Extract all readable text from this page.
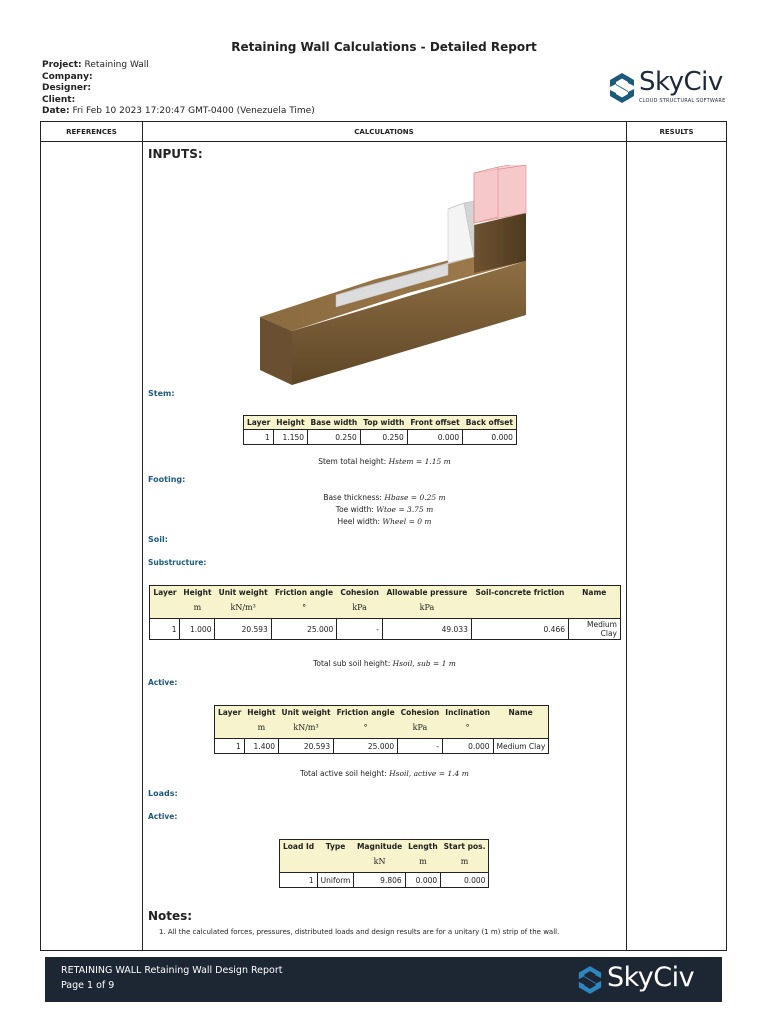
Retaining Wall Calculations - Detailed Report
Project: Retaining Wall
Company:
Designer:
Client:
Date: Fri Feb 10 2023 17:20:47 GMT-0400 (Venezuela Time)
SkyCiv
CLOUD STRUCTURAL SOFTWARE
REFERENCES	CALCULATIONS	RESULTS
INPUTS:
Stem:
Layer	Height	Base width	Top width	Front offset	Back offset
1	1.150	0.250	0.250	0.000	0.000
Stem total height: Hstem = 1.15 m
Footing:
Base thickness: Hbase = 0.25 m
Toe width: Wtoe = 3.75 m
Heel width: Wheel = 0 m
Soil:
Substructure:
Layer	Height	Unit weight	Friction angle	Cohesion	Allowable pressure	Soil-concrete friction	Name
	m	kN/m³	°	kPa	kPa		
1	1.000	20.593	25.000	-	49.033	0.466	Medium Clay
Total sub soil height: Hsoil, sub = 1 m
Active:
Layer	Height	Unit weight	Friction angle	Cohesion	Inclination	Name
	m	kN/m³	°	kPa	°	
1	1.400	20.593	25.000	-	0.000	Medium Clay
Total active soil height: Hsoil, active = 1.4 m
Loads:
Active:
Load Id	Type	Magnitude	Length	Start pos.
		kN	m	m
1	Uniform	9.806	0.000	0.000
Notes:
1. All the calculated forces, pressures, distributed loads and design results are for a unitary (1 m) strip of the wall.
RETAINING WALL Retaining Wall Design Report
Page 1 of 9	SkyCiv
